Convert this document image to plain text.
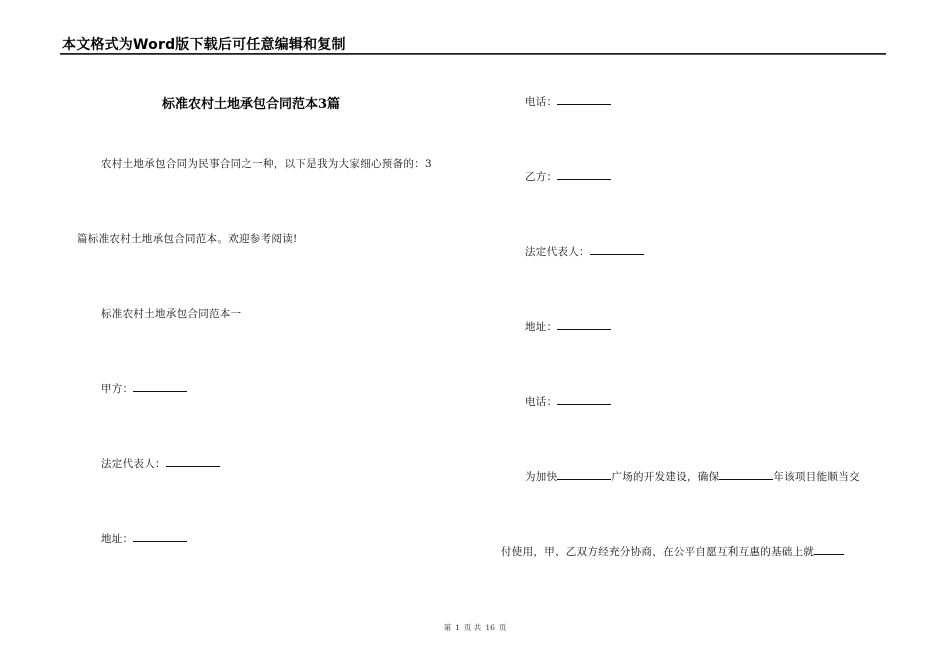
本文格式为Word版下载后可任意编辑和复制
标准农村土地承包合同范本3篇
农村土地承包合同为民事合同之一种，以下是我为大家细心预备的：3
篇标准农村土地承包合同范本。欢迎参考阅读!
标准农村土地承包合同范本一
甲方：
法定代表人：
地址：
电话：
乙方：
法定代表人：
地址：
电话：
为加快	广场的开发建设，确保	年该项目能顺当交
付使用，甲、乙双方经充分协商，在公平自愿互利互惠的基础上就
第 1 页 共 16 页
